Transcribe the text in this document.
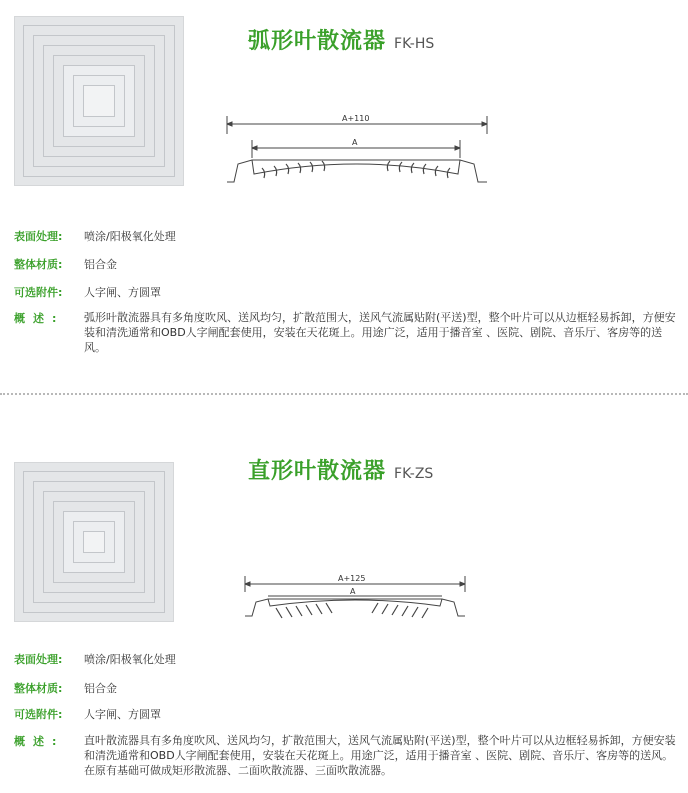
弧形叶散流器 FK-HS
A+110
A
表面处理:	喷涂/阳极氧化处理
整体材质:	铝合金
可选附件:	人字闸、方圆罩
概述: 弧形叶散流器具有多角度吹风、送风均匀，扩散范围大，送风气流属贴附(平送)型，整个叶片可以从边框轻易拆卸，方便安装和清洗通常和OBD人字闸配套使用，安装在天花斑上。用途广泛，适用于播音室 、医院、剧院、音乐厅、客房等的送风。
直形叶散流器 FK-ZS
A+125
A
表面处理:	喷涂/阳极氧化处理
整体材质:	铝合金
可选附件:	人字闸、方圆罩
概述: 直叶散流器具有多角度吹风、送风均匀，扩散范围大，送风气流属贴附(平送)型，整个叶片可以从边框轻易拆卸，方便安装和清洗通常和OBD人字闸配套使用，安装在天花斑上。用途广泛，适用于播音室 、医院、剧院、音乐厅、客房等的送风。在原有基础可做成矩形散流器、二面吹散流器、三面吹散流器。
